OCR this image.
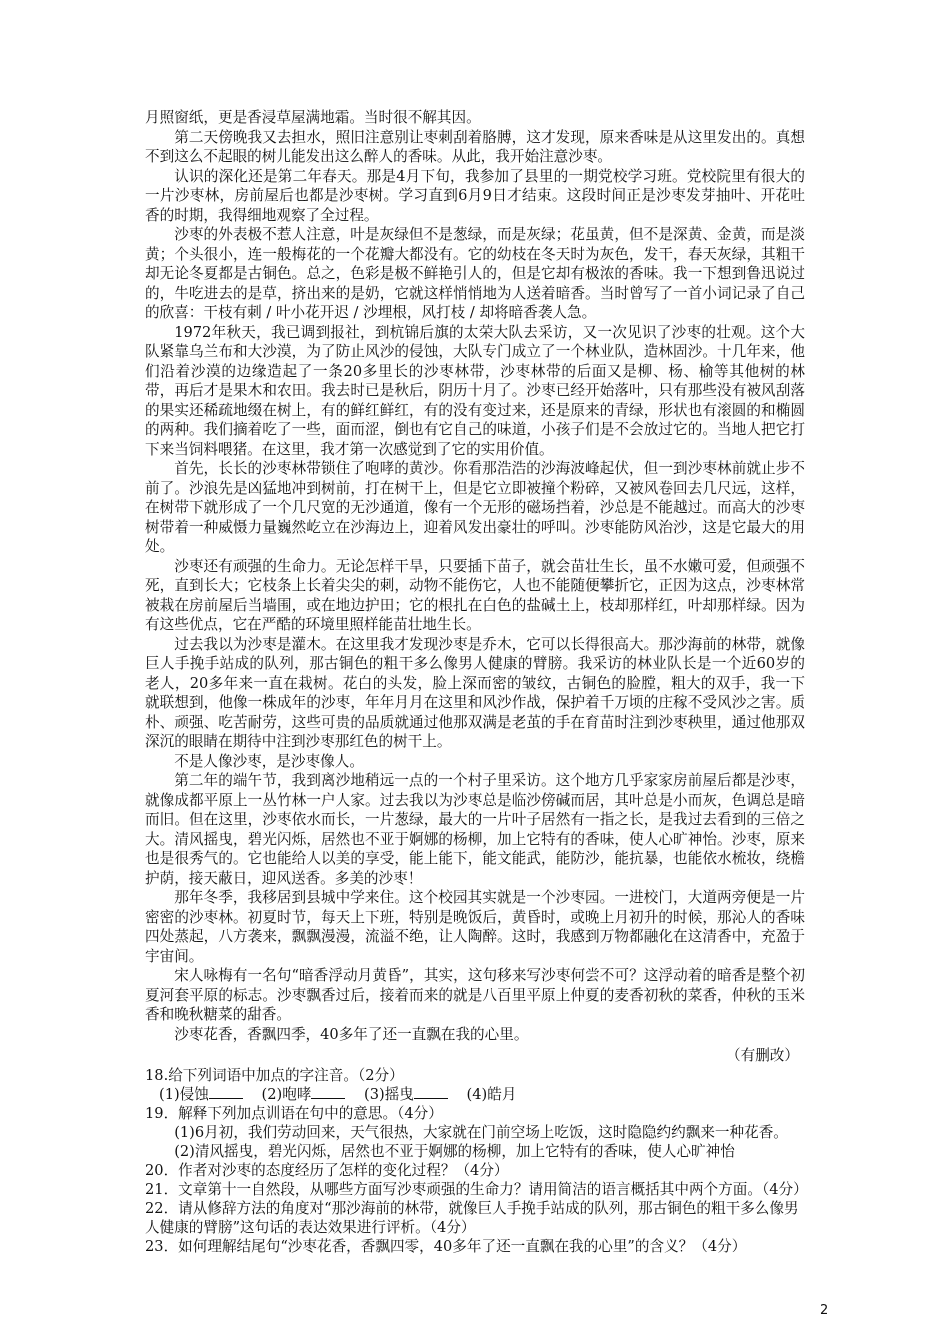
月照窗纸，更是香浸草屋满地霜。当时很不解其因。

第二天傍晚我又去担水，照旧注意别让枣刺刮着胳膊，这才发现，原来香味是从这里发出的。真想不到这么不起眼的树儿能发出这么醉人的香味。从此，我开始注意沙枣。

认识的深化还是第二年春天。那是4月下旬，我参加了县里的一期党校学习班。党校院里有很大的一片沙枣林，房前屋后也都是沙枣树。学习直到6月9日才结束。这段时间正是沙枣发芽抽叶、开花吐香的时期，我得细地观察了全过程。

沙枣的外表极不惹人注意，叶是灰绿但不是葱绿，而是灰绿；花虽黄，但不是深黄、金黄，而是淡黄；个头很小，连一般梅花的一个花瓣大都没有。它的幼枝在冬天时为灰色，发干，春天灰绿，其粗干却无论冬夏都是古铜色。总之，色彩是极不鲜艳引人的，但是它却有极浓的香味。我一下想到鲁迅说过的，牛吃进去的是草，挤出来的是奶，它就这样悄悄地为人送着暗香。当时曾写了一首小词记录了自己的欣喜：干枝有刺 / 叶小花开迟 / 沙埋根，风打枝 / 却将暗香袭人急。

1972年秋天，我已调到报社，到杭锦后旗的太荣大队去采访，又一次见识了沙枣的壮观。这个大队紧靠乌兰布和大沙漠，为了防止风沙的侵蚀，大队专门成立了一个林业队，造林固沙。十几年来，他们沿着沙漠的边缘造起了一条20多里长的沙枣林带，沙枣林带的后面又是柳、杨、榆等其他树的林带，再后才是果木和农田。我去时已是秋后，阴历十月了。沙枣已经开始落叶，只有那些没有被风刮落的果实还稀疏地缀在树上，有的鲜红鲜红，有的没有变过来，还是原来的青绿，形状也有滚圆的和椭圆的两种。我们摘着吃了一些，面而涩，倒也有它自己的味道，小孩子们是不会放过它的。当地人把它打下来当饲料喂猪。在这里，我才第一次感觉到了它的实用价值。

首先，长长的沙枣林带锁住了咆哮的黄沙。你看那浩浩的沙海波峰起伏，但一到沙枣林前就止步不前了。沙浪先是凶猛地冲到树前，打在树干上，但是它立即被撞个粉碎，又被风卷回去几尺远，这样，在树带下就形成了一个几尺宽的无沙通道，像有一个无形的磁场挡着，沙总是不能越过。而高大的沙枣树带着一种威慑力量巍然屹立在沙海边上，迎着风发出豪壮的呼叫。沙枣能防风治沙，这是它最大的用处。

沙枣还有顽强的生命力。无论怎样干旱，只要插下苗子，就会苗壮生长，虽不水嫩可爱，但顽强不死，直到长大；它枝条上长着尖尖的刺，动物不能伤它，人也不能随便攀折它，正因为这点，沙枣林常被栽在房前屋后当墙围，或在地边护田；它的根扎在白色的盐碱土上，枝却那样红，叶却那样绿。因为有这些优点，它在严酷的环境里照样能苗壮地生长。

过去我以为沙枣是灌木。在这里我才发现沙枣是乔木，它可以长得很高大。那沙海前的林带，就像巨人手挽手站成的队列，那古铜色的粗干多么像男人健康的臂膀。我采访的林业队长是一个近60岁的老人，20多年来一直在栽树。花白的头发，脸上深而密的皱纹，古铜色的脸膛，粗大的双手，我一下就联想到，他像一株成年的沙枣，年年月月在这里和风沙作战，保护着千万顷的庄稼不受风沙之害。质朴、顽强、吃苦耐劳，这些可贵的品质就通过他那双满是老茧的手在育苗时注到沙枣秧里，通过他那双深沉的眼睛在期待中注到沙枣那红色的树干上。

不是人像沙枣，是沙枣像人。

第二年的端午节，我到离沙地稍远一点的一个村子里采访。这个地方几乎家家房前屋后都是沙枣，就像成都平原上一丛竹林一户人家。过去我以为沙枣总是临沙傍碱而居，其叶总是小而灰，色调总是暗而旧。但在这里，沙枣依水而长，一片葱绿，最大的一片叶子居然有一指之长，是我过去看到的三倍之大。清风摇曳，碧光闪烁，居然也不亚于婀娜的杨柳，加上它特有的香味，使人心旷神怡。沙枣，原来也是很秀气的。它也能给人以美的享受，能上能下，能文能武，能防沙，能抗暴，也能依水梳妆，绕檐护荫，接天蔽日，迎风送香。多美的沙枣！

那年冬季，我移居到县城中学来住。这个校园其实就是一个沙枣园。一进校门，大道两旁便是一片密密的沙枣林。初夏时节，每天上下班，特别是晚饭后，黄昏时，或晚上月初升的时候，那沁人的香味四处蒸起，八方袭来，飘飘漫漫，流溢不绝，让人陶醉。这时，我感到万物都融化在这清香中，充盈于宇宙间。

宋人咏梅有一名句“暗香浮动月黄昏”，其实，这句移来写沙枣何尝不可？这浮动着的暗香是整个初夏河套平原的标志。沙枣飘香过后，接着而来的就是八百里平原上仲夏的麦香初秋的菜香，仲秋的玉米香和晚秋糖菜的甜香。

沙枣花香，香飘四季，40多年了还一直飘在我的心里。

（有删改）

18.给下列词语中加点的字注音。（2分）

(1)侵蚀	(2)咆哮	(3)摇曳	(4)皓月

19．解释下列加点训语在句中的意思。（4分）

(1)6月初，我们劳动回来，天气很热，大家就在门前空场上吃饭，这时隐隐约约飘来一种花香。

(2)清风摇曳，碧光闪烁，居然也不亚于婀娜的杨柳，加上它特有的香味，使人心旷神怡

20．作者对沙枣的态度经历了怎样的变化过程？（4分）

21．文章第十一自然段，从哪些方面写沙枣顽强的生命力？请用简洁的语言概括其中两个方面。（4分）

22．请从修辞方法的角度对“那沙海前的林带，就像巨人手挽手站成的队列，那古铜色的粗干多么像男人健康的臂膀”这句话的表达效果进行评析。（4分）

23．如何理解结尾句“沙枣花香，香飘四零，40多年了还一直飘在我的心里”的含义？（4分）

2
